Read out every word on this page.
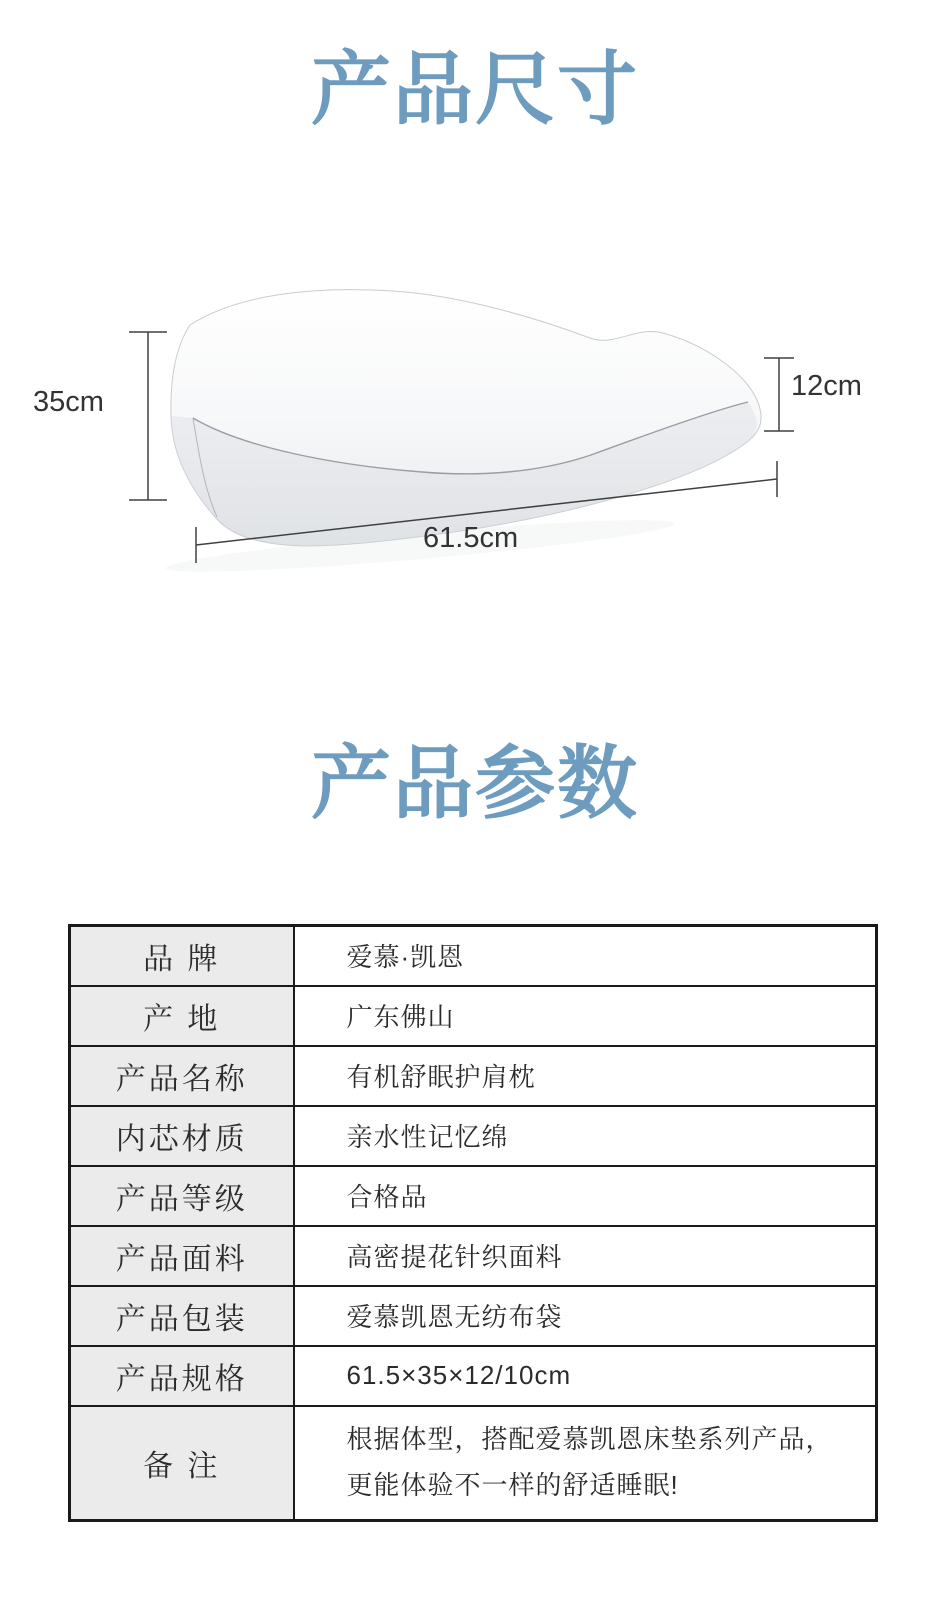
产品尺寸
35cm	12cm
61.5cm
产品参数
品 牌	爱慕·凯恩
产 地	广东佛山
产品名称	有机舒眠护肩枕
内芯材质	亲水性记忆绵
产品等级	合格品
产品面料	高密提花针织面料
产品包装	爱慕凯恩无纺布袋
产品规格	61.5×35×12/10cm
备 注	根据体型，搭配爱慕凯恩床垫系列产品，
更能体验不一样的舒适睡眠!
